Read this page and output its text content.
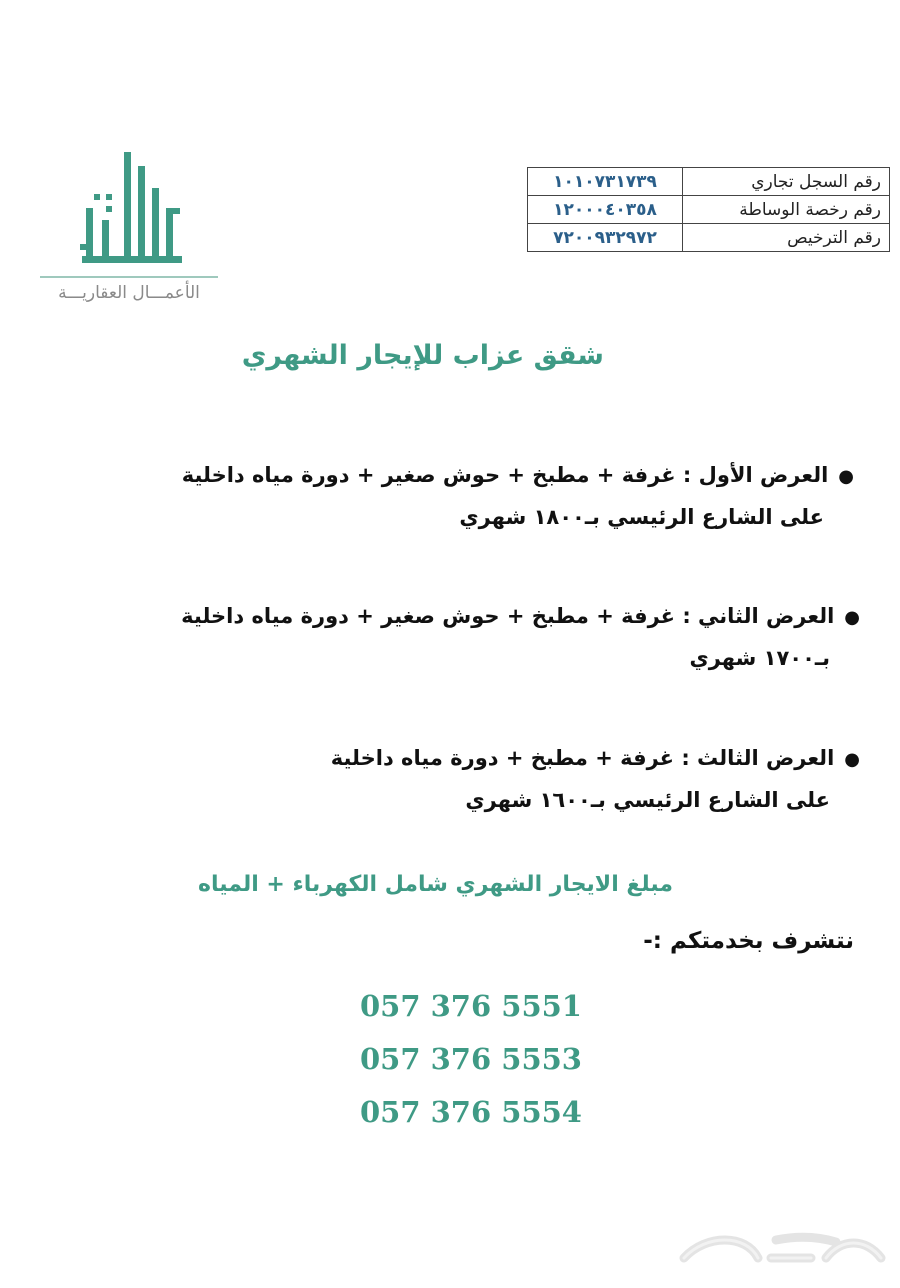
الأعمـــال العقاريـــة
رقم السجل تجاري	١٠١٠٧٣١٧٣٩
رقم رخصة الوساطة	١٢٠٠٠٤٠٣٥٨
رقم الترخيص	٧٢٠٠٩٣٢٩٧٢
شقق عزاب للإيجار الشهري
●العرض الأول : غرفة + مطبخ + حوش صغير + دورة مياه داخلية
على الشارع الرئيسي بـ١٨٠٠ شهري
●العرض الثاني : غرفة + مطبخ + حوش صغير + دورة مياه داخلية
بـ١٧٠٠ شهري
●العرض الثالث : غرفة + مطبخ + دورة مياه داخلية
على الشارع الرئيسي بـ١٦٠٠ شهري
مبلغ الايجار الشهري شامل الكهرباء + المياه
نتشرف بخدمتكم :-
057 376 5551
057 376 5553
057 376 5554
